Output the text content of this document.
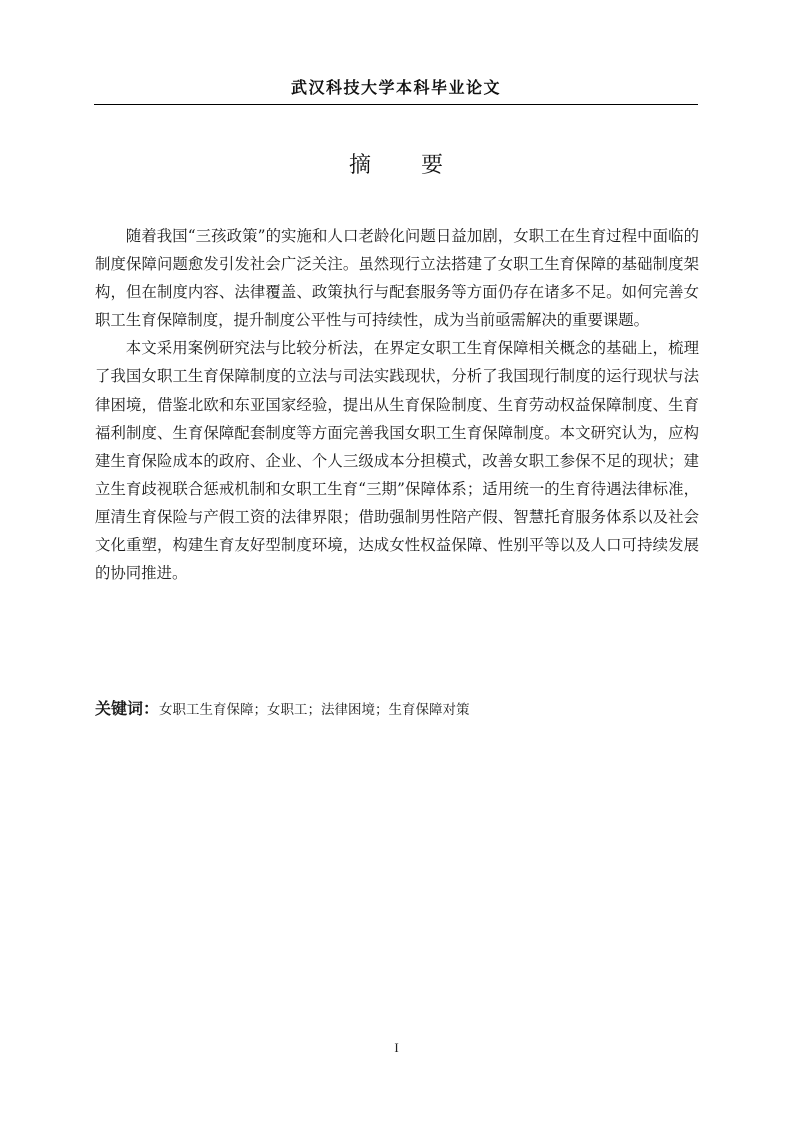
武汉科技大学本科毕业论文
摘 要

随着我国“三孩政策”的实施和人口老龄化问题日益加剧，女职工在生育过程中面临的制度保障问题愈发引发社会广泛关注。虽然现行立法搭建了女职工生育保障的基础制度架构，但在制度内容、法律覆盖、政策执行与配套服务等方面仍存在诸多不足。如何完善女职工生育保障制度，提升制度公平性与可持续性，成为当前亟需解决的重要课题。

本文采用案例研究法与比较分析法，在界定女职工生育保障相关概念的基础上，梳理了我国女职工生育保障制度的立法与司法实践现状，分析了我国现行制度的运行现状与法律困境，借鉴北欧和东亚国家经验，提出从生育保险制度、生育劳动权益保障制度、生育福利制度、生育保障配套制度等方面完善我国女职工生育保障制度。本文研究认为，应构建生育保险成本的政府、企业、个人三级成本分担模式，改善女职工参保不足的现状；建立生育歧视联合惩戒机制和女职工生育“三期”保障体系；适用统一的生育待遇法律标准，厘清生育保险与产假工资的法律界限；借助强制男性陪产假、智慧托育服务体系以及社会文化重塑，构建生育友好型制度环境，达成女性权益保障、性别平等以及人口可持续发展的协同推进。

关键词：女职工生育保障；女职工；法律困境；生育保障对策
I
